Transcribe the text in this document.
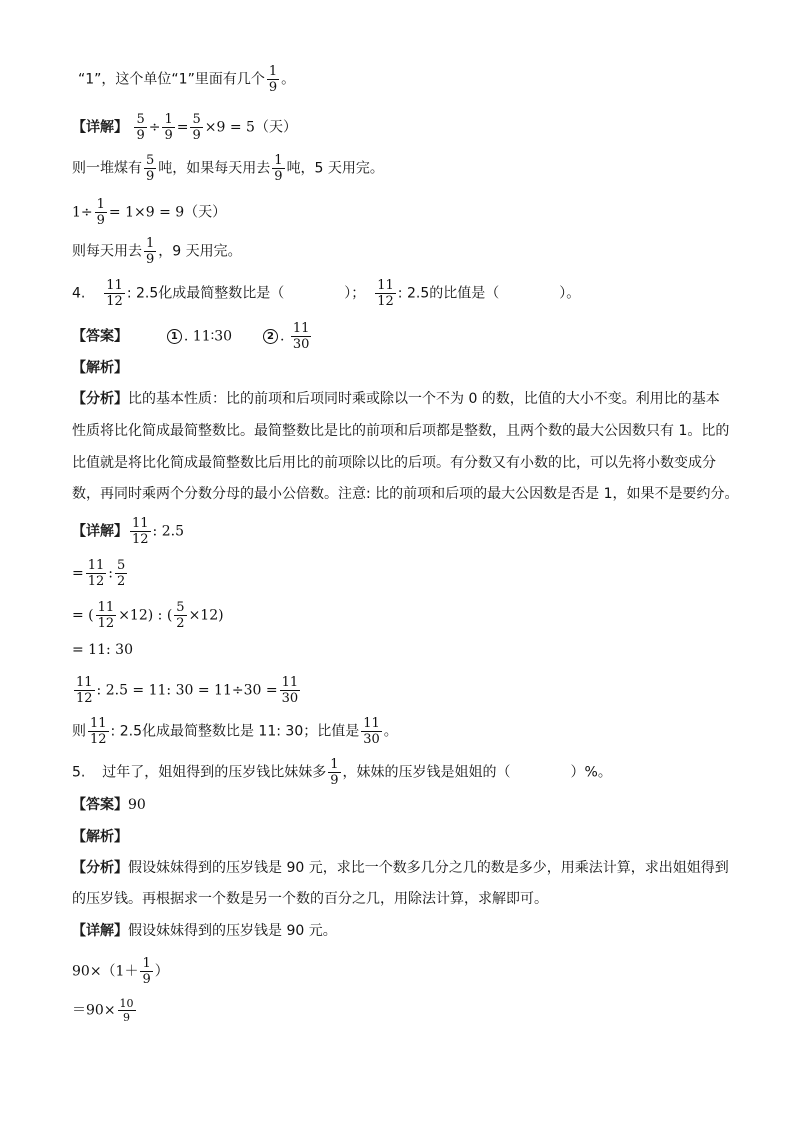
“1”，这个单位“1”里面有几个 $\frac{1}{9}$ 。
【详解】 $\frac{5}{9} \div \frac{1}{9} = \frac{5}{9} \times 9 = 5$（天）
则一堆煤有 $\frac{5}{9}$ 吨，如果每天用去 $\frac{1}{9}$ 吨，5 天用完。
$1\div \frac{1}{9} = 1\times 9 = 9$（天）
则每天用去 $\frac{1}{9}$ ，9 天用完。
4. $\frac{11}{12}$ : 2.5化成最简整数比是（	）； $\frac{11}{12}$ : 2.5的比值是（	）。
【答案】	1 . 11∶30	2 . $\frac{11}{30}$
【解析】
【分析】比的基本性质：比的前项和后项同时乘或除以一个不为 0 的数，比值的大小不变。利用比的基本
性质将比化简成最简整数比。最简整数比是比的前项和后项都是整数，且两个数的最大公因数只有 1。比的
比值就是将比化简成最简整数比后用比的前项除以比的后项。有分数又有小数的比，可以先将小数变成分
数，再同时乘两个分数分母的最小公倍数。注意: 比的前项和后项的最大公因数是否是 1，如果不是要约分。
【详解】 $\frac{11}{12}$ : 2.5
= $\frac{11}{12}$ : $\frac{5}{2}$
= ( $\frac{11}{12} \times 12$) : ( $\frac{5}{2} \times 12$)
= 11: 30
$\frac{11}{12}$ : 2.5 = 11: $30 = 11\div 30 = \frac{11}{30}$
则 $\frac{11}{12}$ : 2.5化成最简整数比是 11: 30；比值是 $\frac{11}{30}$ 。
5. 过年了，姐姐得到的压岁钱比妹妹多 $\frac{1}{9}$ ，妹妹的压岁钱是姐姐的（	）%。
【答案】90
【解析】
【分析】假设妹妹得到的压岁钱是 90 元，求比一个数多几分之几的数是多少，用乘法计算，求出姐姐得到
的压岁钱。再根据求一个数是另一个数的百分之几，用除法计算，求解即可。
【详解】假设妹妹得到的压岁钱是 90 元。
$90\times(1+ \frac{1}{9}$ ）
$=90\times \frac{10}{9}$
